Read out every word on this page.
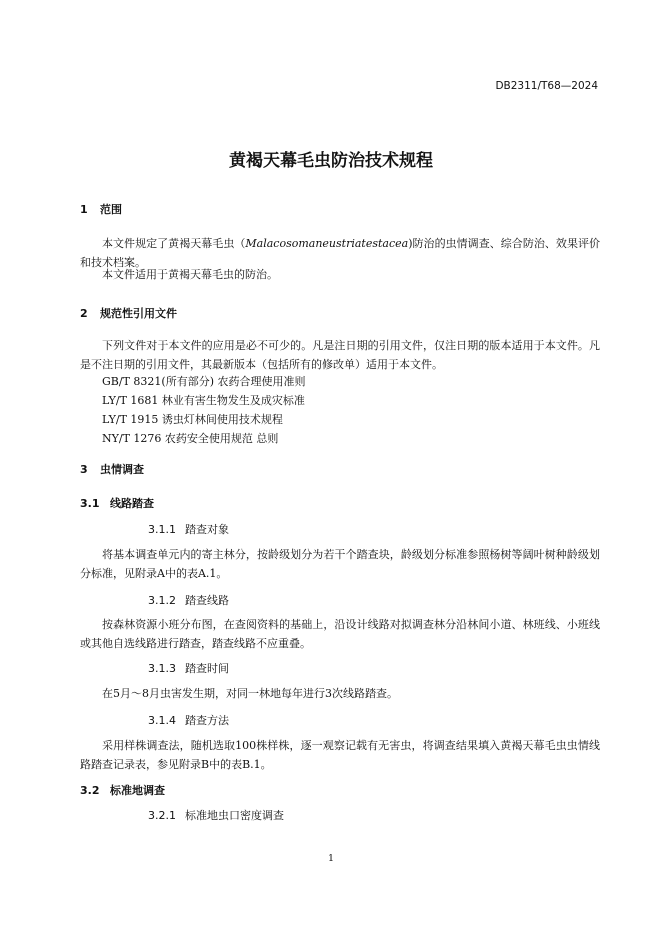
DB2311/T68—2024
黄褐天幕毛虫防治技术规程
1 范围
本文件规定了黄褐天幕毛虫（Malacosomaneustriatestacea)防治的虫情调查、综合防治、效果评价和技术档案。
本文件适用于黄褐天幕毛虫的防治。
2 规范性引用文件
下列文件对于本文件的应用是必不可少的。凡是注日期的引用文件，仅注日期的版本适用于本文件。凡是不注日期的引用文件，其最新版本（包括所有的修改单）适用于本文件。
GB/T 8321(所有部分) 农药合理使用准则
LY/T 1681 林业有害生物发生及成灾标准
LY/T 1915 诱虫灯林间使用技术规程
NY/T 1276 农药安全使用规范 总则
3 虫情调查
3.1 线路踏查
3.1.1 踏查对象
将基本调查单元内的寄主林分，按龄级划分为若干个踏查块，龄级划分标准参照杨树等阔叶树种龄级划分标准，见附录A中的表A.1。
3.1.2 踏查线路
按森林资源小班分布图，在查阅资料的基础上，沿设计线路对拟调查林分沿林间小道、林班线、小班线或其他自选线路进行踏查，踏查线路不应重叠。
3.1.3 踏查时间
在5月～8月虫害发生期，对同一林地每年进行3次线路踏查。
3.1.4 踏查方法
采用样株调查法，随机选取100株样株，逐一观察记载有无害虫，将调查结果填入黄褐天幕毛虫虫情线路踏查记录表，参见附录B中的表B.1。
3.2 标准地调查
3.2.1 标准地虫口密度调查
1
